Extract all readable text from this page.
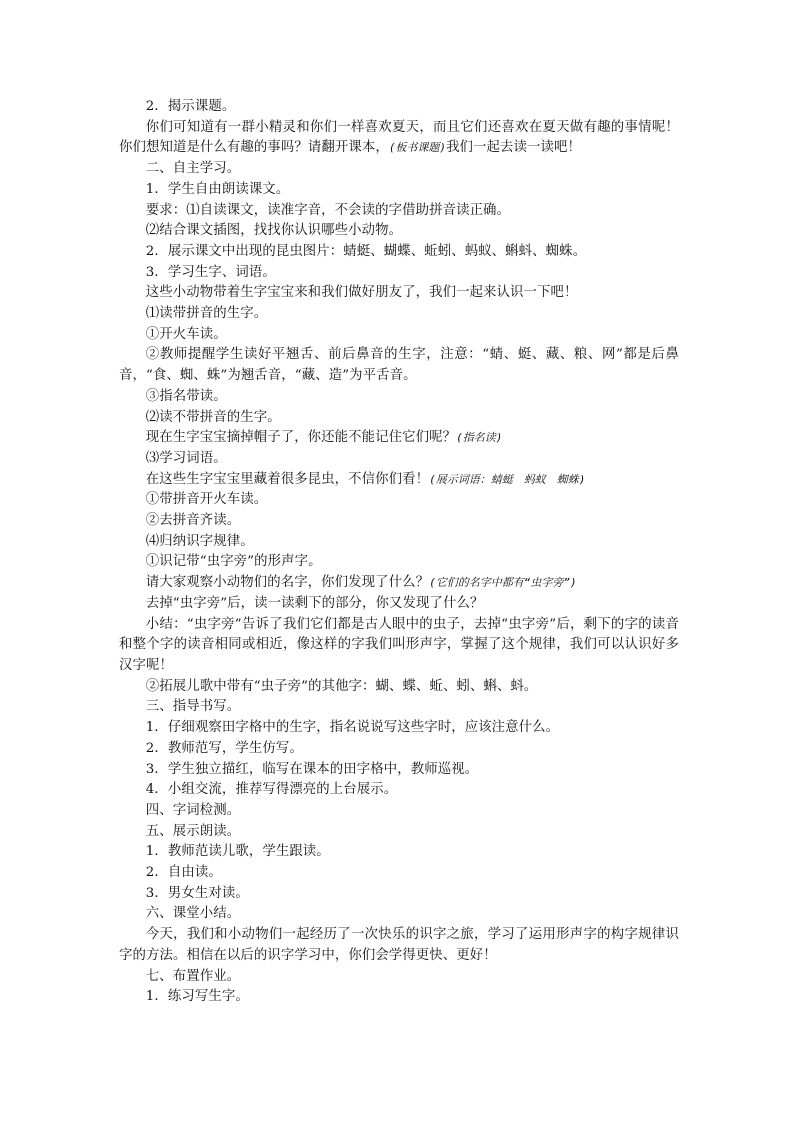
2．揭示课题。

你们可知道有一群小精灵和你们一样喜欢夏天，而且它们还喜欢在夏天做有趣的事情呢！你们想知道是什么有趣的事吗？请翻开课本，(板书课题)我们一起去读一读吧！

二、自主学习。

1．学生自由朗读课文。

要求：⑴自读课文，读准字音，不会读的字借助拼音读正确。

⑵结合课文插图，找找你认识哪些小动物。

2．展示课文中出现的昆虫图片：蜻蜓、蝴蝶、蚯蚓、蚂蚁、蝌蚪、蜘蛛。

3．学习生字、词语。

这些小动物带着生字宝宝来和我们做好朋友了，我们一起来认识一下吧！

⑴读带拼音的生字。

①开火车读。

②教师提醒学生读好平翘舌、前后鼻音的生字，注意：“蜻、蜓、藏、粮、网”都是后鼻音，“食、蜘、蛛”为翘舌音，“藏、造”为平舌音。

③指名带读。

⑵读不带拼音的生字。

现在生字宝宝摘掉帽子了，你还能不能记住它们呢？(指名读)

⑶学习词语。

在这些生字宝宝里藏着很多昆虫，不信你们看！(展示词语：蜻蜓　蚂蚁　蜘蛛)

①带拼音开火车读。

②去拼音齐读。

⑷归纳识字规律。

①识记带“虫字旁”的形声字。

请大家观察小动物们的名字，你们发现了什么？(它们的名字中都有“虫字旁”)

去掉“虫字旁”后，读一读剩下的部分，你又发现了什么？

小结：“虫字旁”告诉了我们它们都是古人眼中的虫子，去掉“虫字旁”后，剩下的字的读音和整个字的读音相同或相近，像这样的字我们叫形声字，掌握了这个规律，我们可以认识好多汉字呢！

②拓展儿歌中带有“虫子旁”的其他字：蝴、蝶、蚯、蚓、蝌、蚪。

三、指导书写。

1．仔细观察田字格中的生字，指名说说写这些字时，应该注意什么。

2．教师范写，学生仿写。

3．学生独立描红，临写在课本的田字格中，教师巡视。

4．小组交流，推荐写得漂亮的上台展示。

四、字词检测。

五、展示朗读。

1．教师范读儿歌，学生跟读。

2．自由读。

3．男女生对读。

六、课堂小结。

今天，我们和小动物们一起经历了一次快乐的识字之旅，学习了运用形声字的构字规律识字的方法。相信在以后的识字学习中，你们会学得更快、更好！

七、布置作业。

1．练习写生字。
